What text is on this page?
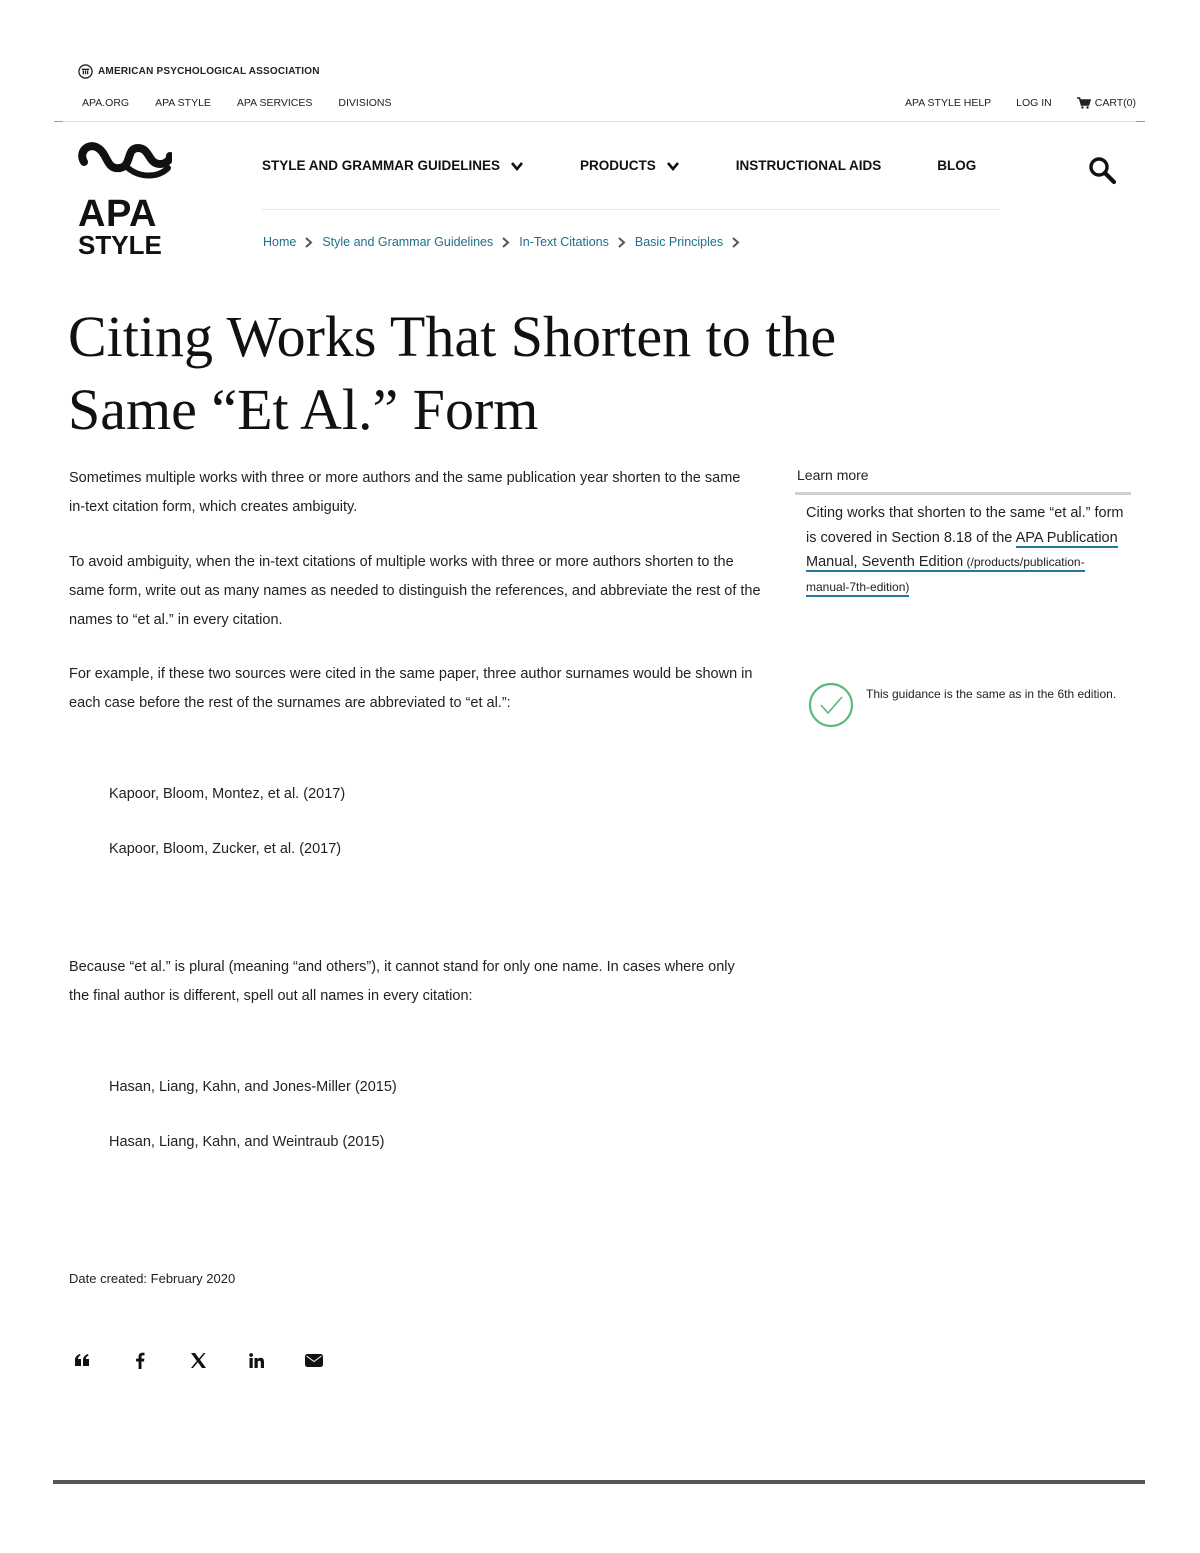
AMERICAN PSYCHOLOGICAL ASSOCIATION
APA.ORG APA STYLE APA SERVICES DIVISIONS	APA STYLE HELP LOG IN	CART(0)
APA
STYLE
STYLE AND GRAMMAR GUIDELINES	PRODUCTS	INSTRUCTIONAL AIDS	BLOG
Home Style and Grammar Guidelines In-Text Citations Basic Principles
Citing Works That Shorten to the
Same “Et Al.” Form

Sometimes multiple works with three or more authors and the same publication year shorten to the same in-text citation form, which creates ambiguity.

To avoid ambiguity, when the in-text citations of multiple works with three or more authors shorten to the same form, write out as many names as needed to distinguish the references, and abbreviate the rest of the names to “et al.” in every citation.

For example, if these two sources were cited in the same paper, three author surnames would be shown in each case before the rest of the surnames are abbreviated to “et al.”:

Kapoor, Bloom, Montez, et al. (2017)
Kapoor, Bloom, Zucker, et al. (2017)

Because “et al.” is plural (meaning “and others”), it cannot stand for only one name. In cases where only the final author is different, spell out all names in every citation:

Hasan, Liang, Kahn, and Jones-Miller (2015)
Hasan, Liang, Kahn, and Weintraub (2015)
Date created: February 2020
Learn more
Citing works that shorten to the same “et al.” form is covered in Section 8.18 of the APA Publication Manual, Seventh Edition (/products/publication-manual-7th-edition)
This guidance is the same as in the 6th edition.
